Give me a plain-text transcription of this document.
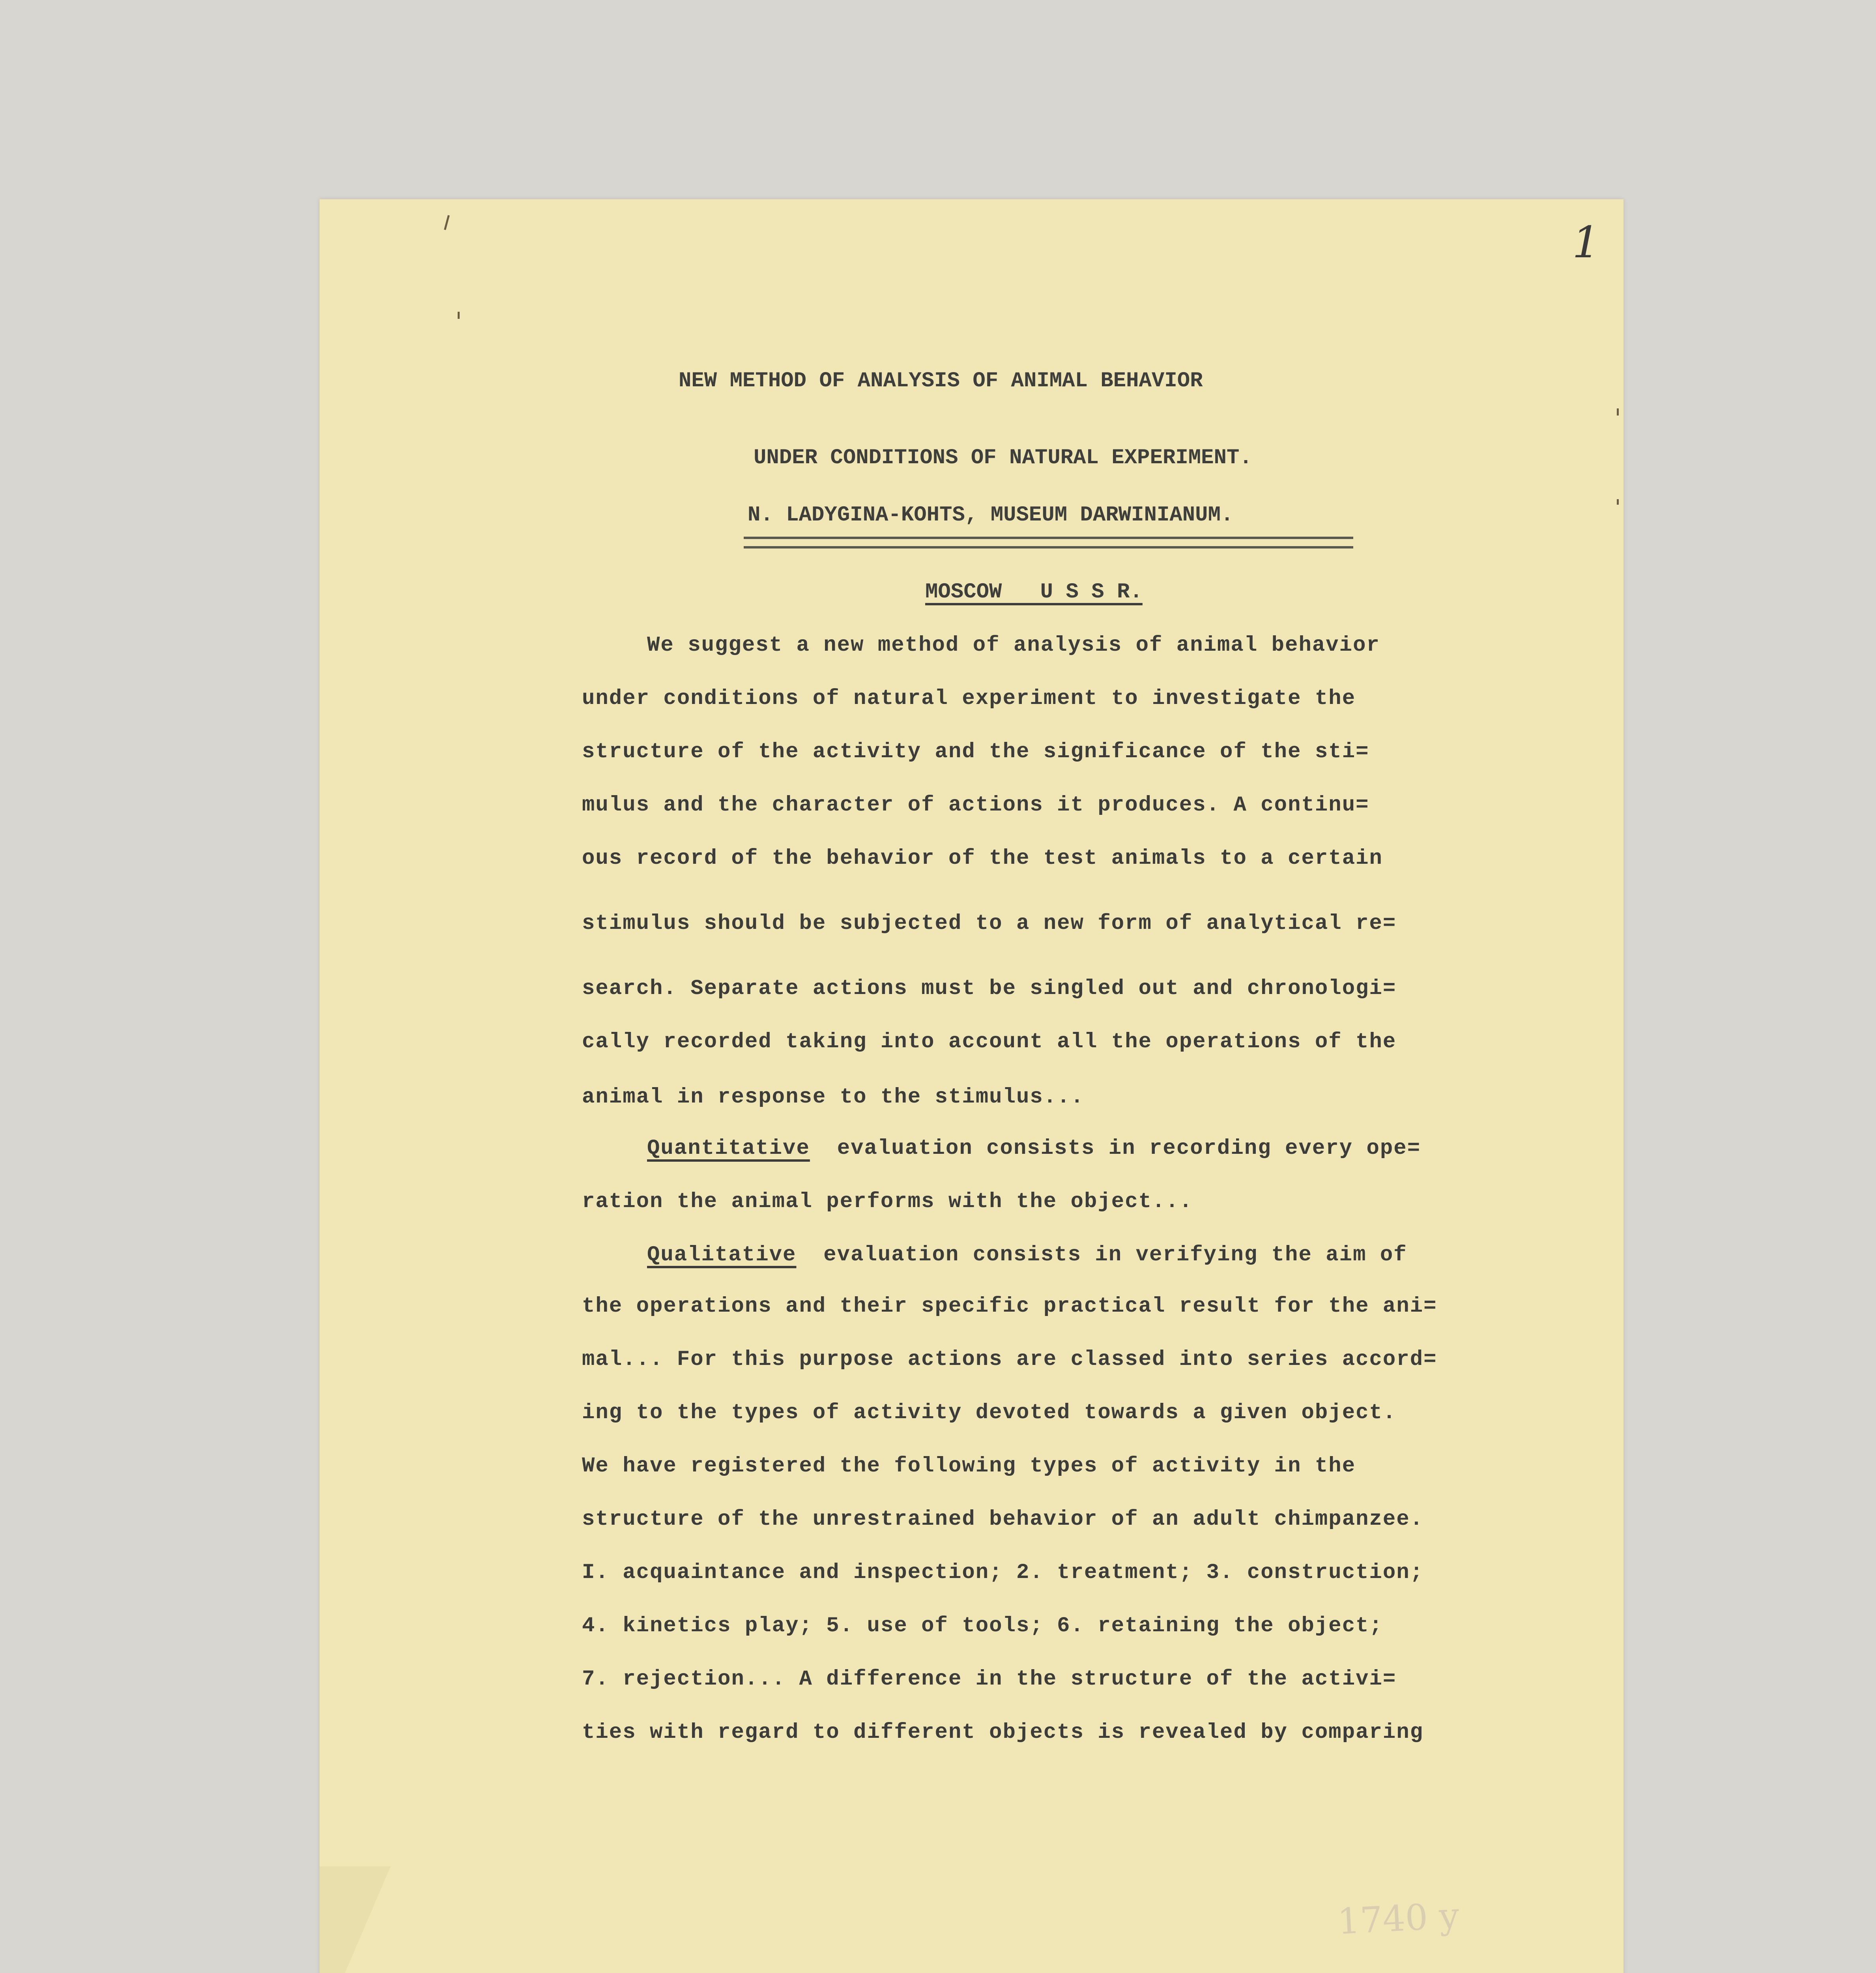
1
NEW METHOD OF ANALYSIS OF ANIMAL BEHAVIOR
UNDER CONDITIONS OF NATURAL EXPERIMENT.
N. LADYGINA-KOHTS, MUSEUM DARWINIANUM.
MOSCOW   U S S R.
We suggest a new method of analysis of animal behavior
under conditions of natural experiment to investigate the
structure of the activity and the significance of the sti=
mulus and the character of actions it produces. A continu=
ous record of the behavior of the test animals to a certain
stimulus should be subjected to a new form of analytical re=
search. Separate actions must be singled out and chronologi=
cally recorded taking into account all the operations of the
animal in response to the stimulus...
Quantitative evaluation consists in recording every ope=
ration the animal performs with the object...
Qualitative evaluation consists in verifying the aim of
the operations and their specific practical result for the ani=
mal... For this purpose actions are classed into series accord=
ing to the types of activity devoted towards a given object.
We have registered the following types of activity in the
structure of the unrestrained behavior of an adult chimpanzee.
I. acquaintance and inspection; 2. treatment; 3. construction;
4. kinetics play; 5. use of tools; 6. retaining the object;
7. rejection... A difference in the structure of the activi=
ties with regard to different objects is revealed by comparing
1740 y
